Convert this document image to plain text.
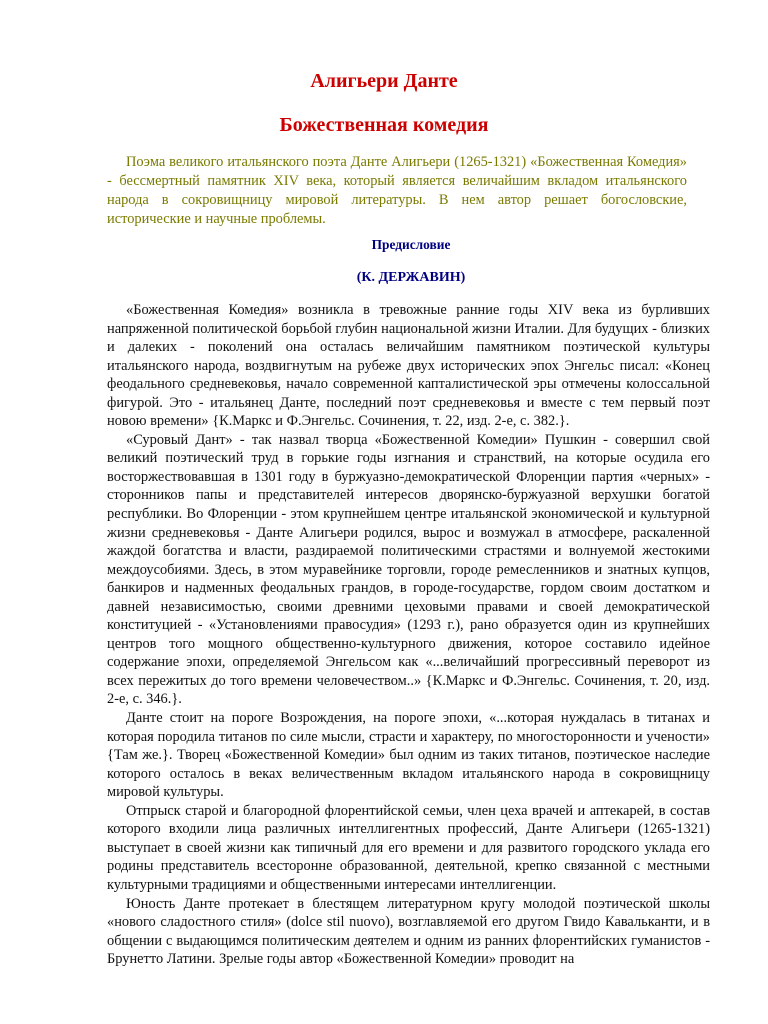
Алигьери Данте
Божественная комедия

Поэма великого итальянского поэта Данте Алигьери (1265-1321) «Божественная Комедия» - бессмертный памятник XIV века, который является величайшим вкладом итальянского народа в сокровищницу мировой литературы. В нем автор решает богословские, исторические и научные проблемы.

Предисловие
(К. ДЕРЖАВИН)

«Божественная Комедия» возникла в тревожные ранние годы XIV века из бурливших напряженной политической борьбой глубин национальной жизни Италии. Для будущих - близких и далеких - поколений она осталась величайшим памятником поэтической культуры итальянского народа, воздвигнутым на рубеже двух исторических эпох Энгельс писал: «Конец феодального средневековья, начало современной капталистической эры отмечены колоссальной фигурой. Это - итальянец Данте, последний поэт средневековья и вместе с тем первый поэт новою времени» {К.Маркс и Ф.Энгельс. Сочинения, т. 22, изд. 2-е, с. 382.}.

«Суровый Дант» - так назвал творца «Божественной Комедии» Пушкин - совершил свой великий поэтический труд в горькие годы изгнания и странствий, на которые осудила его восторжествовавшая в 1301 году в буржуазно-демократической Флоренции партия «черных» - сторонников папы и представителей интересов дворянско-буржуазной верхушки богатой республики. Во Флоренции - этом крупнейшем центре итальянской экономической и культурной жизни средневековья - Данте Алигьери родился, вырос и возмужал в атмосфере, раскаленной жаждой богатства и власти, раздираемой политическими страстями и волнуемой жестокими междоусобиями. Здесь, в этом муравейнике торговли, городе ремесленников и знатных купцов, банкиров и надменных феодальных грандов, в городе-государстве, гордом своим достатком и давней независимостью, своими древними цеховыми правами и своей демократической конституцией - «Установлениями правосудия» (1293 г.), рано образуется один из крупнейших центров того мощного общественно-культурного движения, которое составило идейное содержание эпохи, определяемой Энгельсом как «...величайший прогрессивный переворот из всех пережитых до того времени человечеством..» {К.Маркс и Ф.Энгельс. Сочинения, т. 20, изд. 2-е, с. 346.}.

Данте стоит на пороге Возрождения, на пороге эпохи, «...которая нуждалась в титанах и которая породила титанов по силе мысли, страсти и характеру, по многосторонности и учености» {Там же.}. Творец «Божественной Комедии» был одним из таких титанов, поэтическое наследие которого осталось в веках величественным вкладом итальянского народа в сокровищницу мировой культуры.

Отпрыск старой и благородной флорентийской семьи, член цеха врачей и аптекарей, в состав которого входили лица различных интеллигентных профессий, Данте Алигьери (1265-1321) выступает в своей жизни как типичный для его времени и для развитого городского уклада его родины представитель всесторонне образованной, деятельной, крепко связанной с местными культурными традициями и общественными интересами интеллигенции.

Юность Данте протекает в блестящем литературном кругу молодой поэтической школы «нового сладостного стиля» (dolce stil nuovo), возглавляемой его другом Гвидо Кавальканти, и в общении с выдающимся политическим деятелем и одним из ранних флорентийских гуманистов - Брунетто Латини. Зрелые годы автор «Божественной Комедии» проводит на
